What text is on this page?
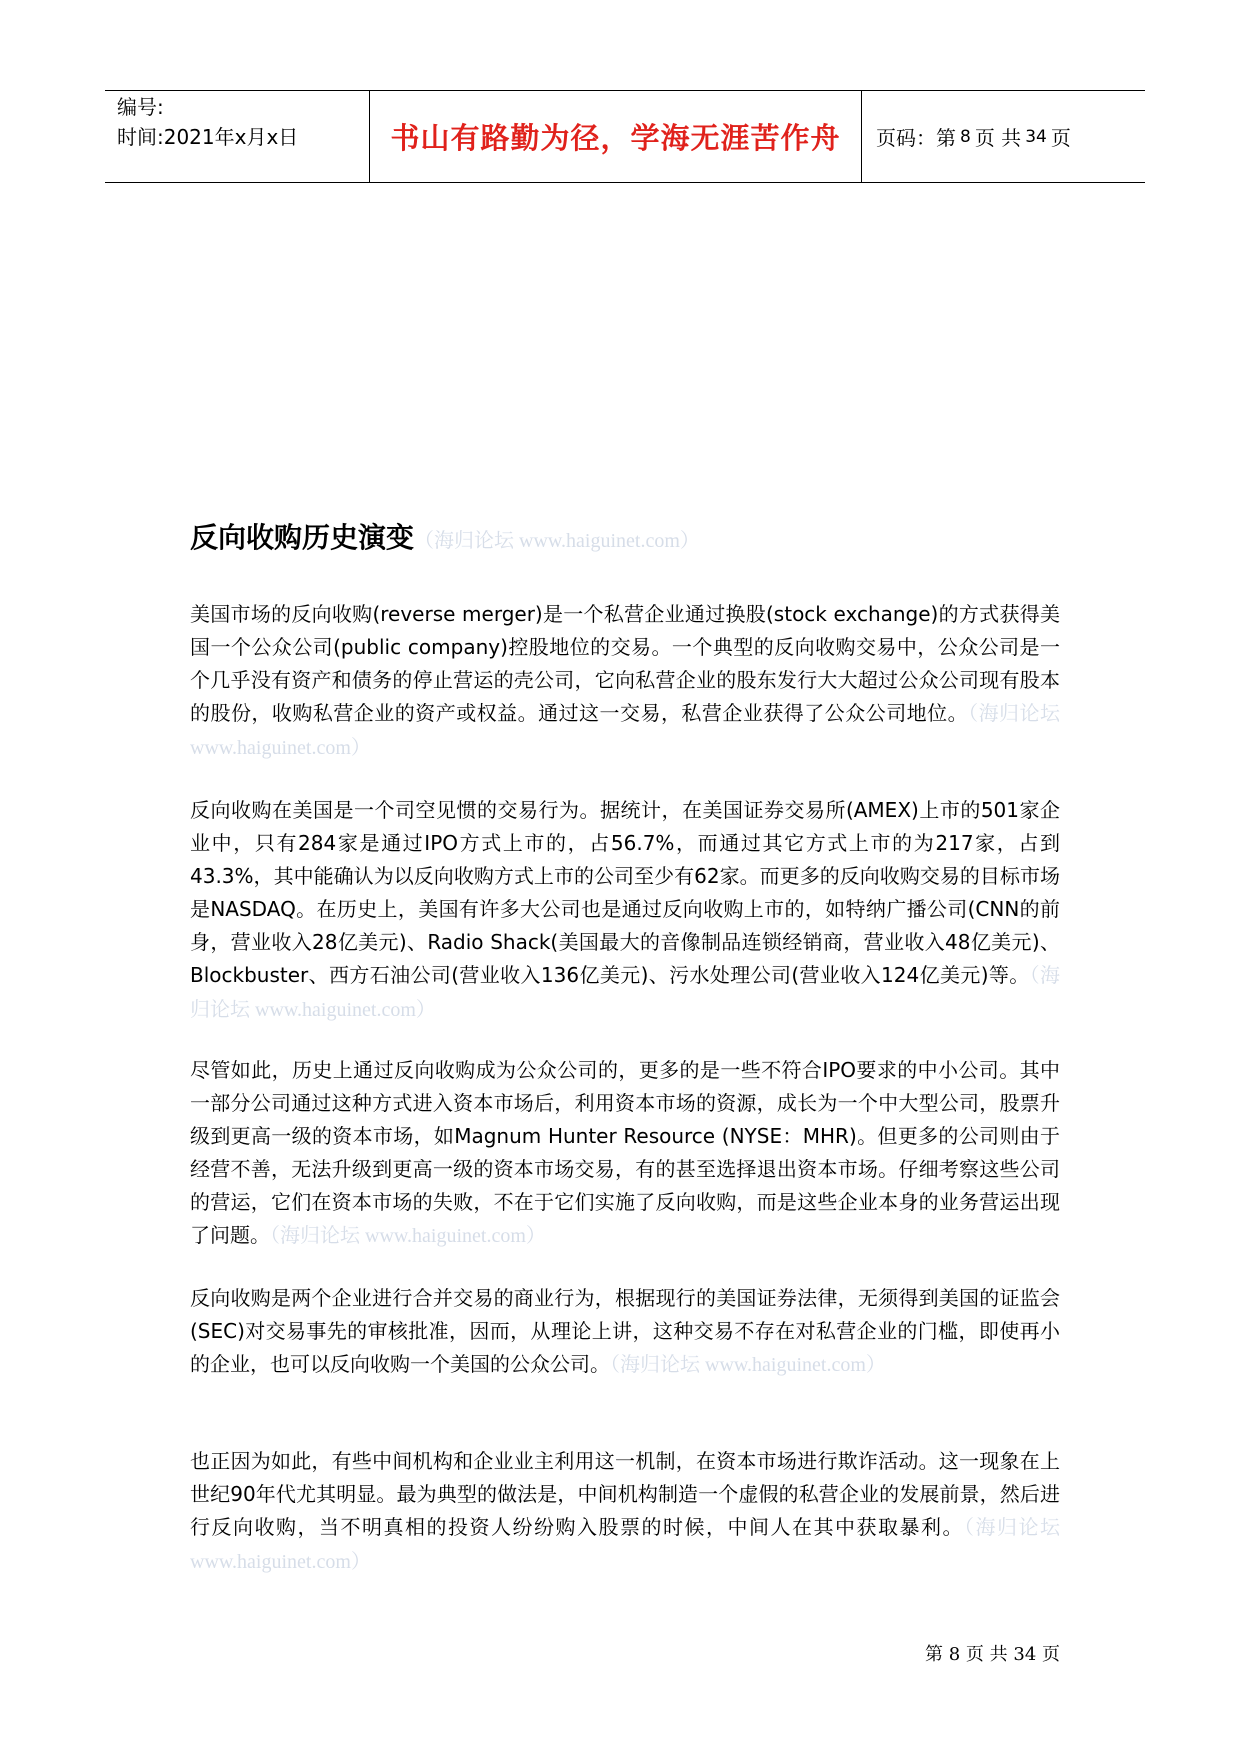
编号:
时间:2021年x月x日	书山有路勤为径，学海无涯苦作舟 页码：第 8 页 共 34 页
反向收购历史演变（海归论坛 www.haiguinet.com）
美国市场的反向收购(reverse merger)是一个私营企业通过换股(stock exchange)的方式获得美国一个公众公司(public company)控股地位的交易。一个典型的反向收购交易中，公众公司是一个几乎没有资产和债务的停止营运的壳公司，它向私营企业的股东发行大大超过公众公司现有股本的股份，收购私营企业的资产或权益。通过这一交易，私营企业获得了公众公司地位。（海归论坛 www.haiguinet.com）
反向收购在美国是一个司空见惯的交易行为。据统计，在美国证券交易所(AMEX)上市的501家企业中，只有284家是通过IPO方式上市的，占56.7%，而通过其它方式上市的为217家，占到43.3%，其中能确认为以反向收购方式上市的公司至少有62家。而更多的反向收购交易的目标市场是NASDAQ。在历史上，美国有许多大公司也是通过反向收购上市的，如特纳广播公司(CNN的前身，营业收入28亿美元)、Radio Shack(美国最大的音像制品连锁经销商，营业收入48亿美元)、Blockbuster、西方石油公司(营业收入136亿美元)、污水处理公司(营业收入124亿美元)等。（海归论坛 www.haiguinet.com）
尽管如此，历史上通过反向收购成为公众公司的，更多的是一些不符合IPO要求的中小公司。其中一部分公司通过这种方式进入资本市场后，利用资本市场的资源，成长为一个中大型公司，股票升级到更高一级的资本市场，如Magnum Hunter Resource (NYSE：MHR)。但更多的公司则由于经营不善，无法升级到更高一级的资本市场交易，有的甚至选择退出资本市场。仔细考察这些公司的营运，它们在资本市场的失败，不在于它们实施了反向收购，而是这些企业本身的业务营运出现了问题。（海归论坛 www.haiguinet.com）
反向收购是两个企业进行合并交易的商业行为，根据现行的美国证券法律，无须得到美国的证监会(SEC)对交易事先的审核批准，因而，从理论上讲，这种交易不存在对私营企业的门槛，即使再小的企业，也可以反向收购一个美国的公众公司。（海归论坛 www.haiguinet.com）
也正因为如此，有些中间机构和企业业主利用这一机制，在资本市场进行欺诈活动。这一现象在上世纪90年代尤其明显。最为典型的做法是，中间机构制造一个虚假的私营企业的发展前景，然后进行反向收购，当不明真相的投资人纷纷购入股票的时候，中间人在其中获取暴利。（海归论坛 www.haiguinet.com）
第 8 页 共 34 页
